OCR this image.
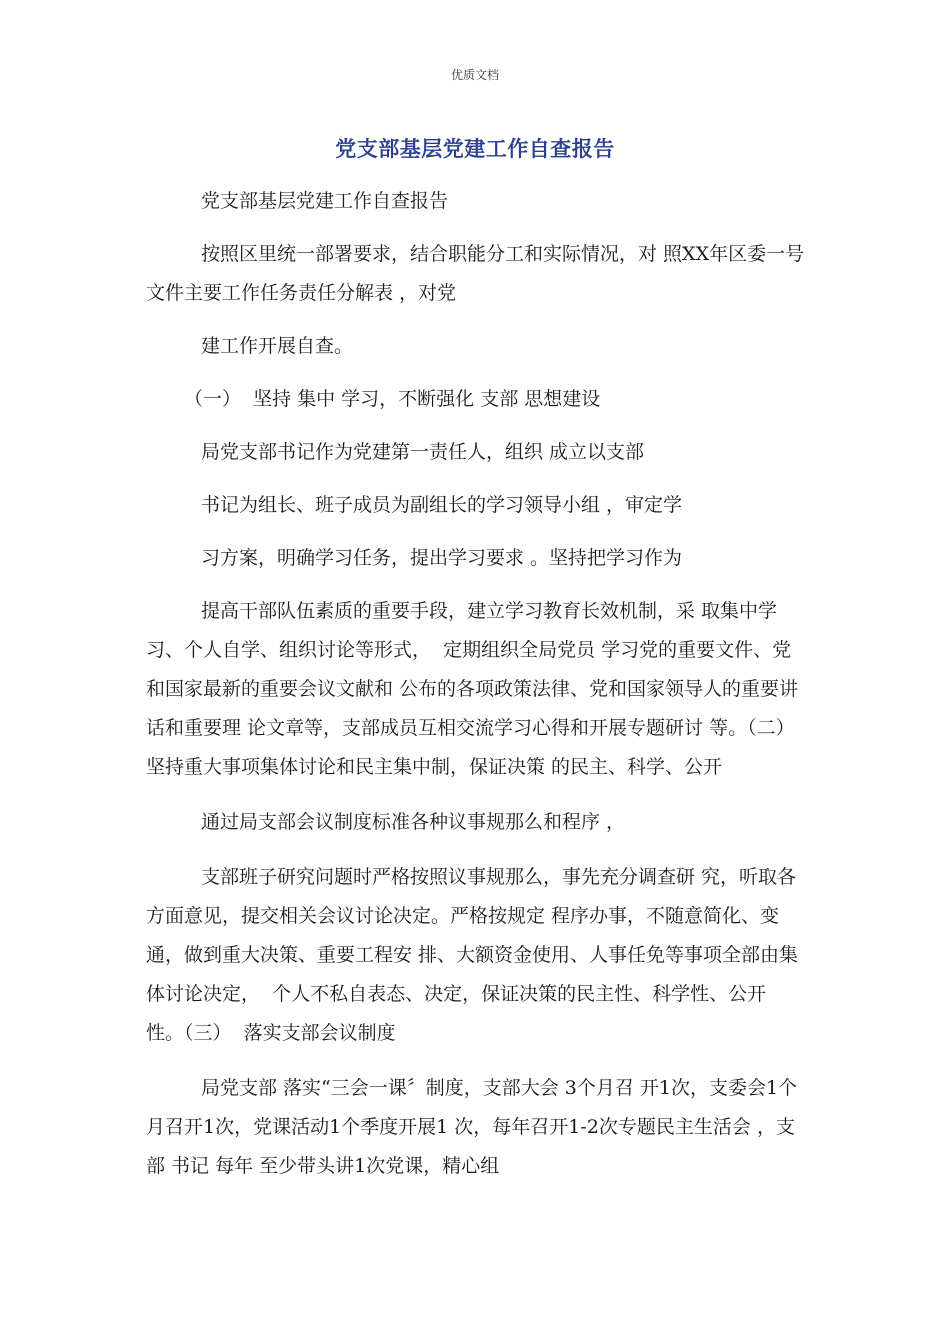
优质文档
党支部基层党建工作自查报告

党支部基层党建工作自查报告

按照区里统一部署要求，结合职能分工和实际情况，对 照XX年区委一号文件主要工作任务责任分解表 ，对党

建工作开展自查。

（一）  坚持 集中 学习，不断强化 支部 思想建设

局党支部书记作为党建第一责任人，组织 成立以支部

书记为组长、班子成员为副组长的学习领导小组 ，审定学

习方案，明确学习任务，提出学习要求 。坚持把学习作为

提高干部队伍素质的重要手段，建立学习教育长效机制，采 取集中学习、个人自学、组织讨论等形式，  定期组织全局党员 学习党的重要文件、党和国家最新的重要会议文献和 公布的各项政策法律、党和国家领导人的重要讲话和重要理 论文章等，支部成员互相交流学习心得和开展专题研讨 等。（二）  坚持重大事项集体讨论和民主集中制，保证决策 的民主、科学、公开

通过局支部会议制度标准各种议事规那么和程序 ，

支部班子研究问题时严格按照议事规那么，事先充分调查研 究，听取各方面意见，提交相关会议讨论决定。严格按规定 程序办事，不随意简化、变通，做到重大决策、重要工程安 排、大额资金使用、人事任免等事项全部由集体讨论决定，  个人不私自表态、决定，保证决策的民主性、科学性、公开 性。（三）  落实支部会议制度

局党支部 落实“三会一课〞制度，支部大会 3个月召 开1次，支委会1个月召开1次，党课活动1个季度开展1 次，每年召开1-2次专题民主生活会 ，支部 书记 每年 至少带头讲1次党课，精心组
